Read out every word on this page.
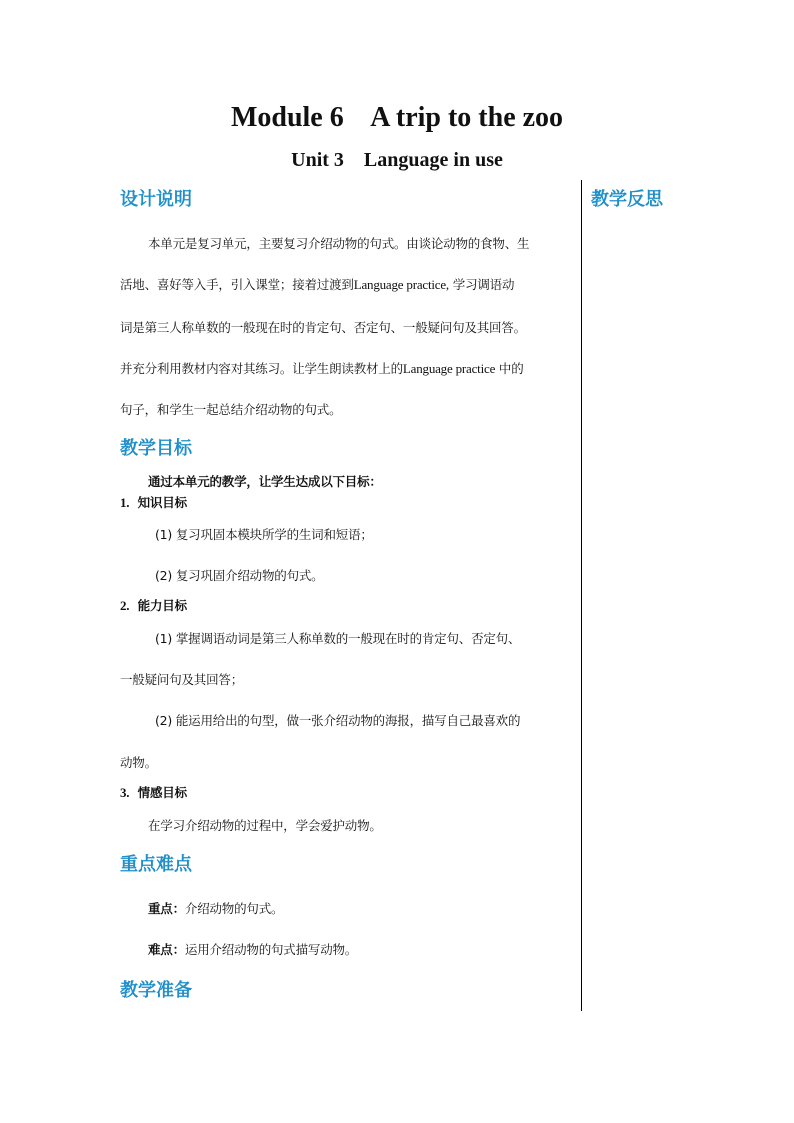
Module 6    A trip to the zoo
Unit 3    Language in use
教学反思
设计说明
本单元是复习单元，主要复习介绍动物的句式。由谈论动物的食物、生
活地、喜好等入手，引入课堂；接着过渡到Language practice, 学习调语动
词是第三人称单数的一般现在时的肯定句、否定句、一般疑问句及其回答。
并充分利用教材内容对其练习。让学生朗读教材上的Language practice 中的
句子，和学生一起总结介绍动物的句式。
教学目标
通过本单元的教学，让学生达成以下目标：
1. 知识目标
(1) 复习巩固本模块所学的生词和短语；
(2) 复习巩固介绍动物的句式。
2. 能力目标
(1) 掌握调语动词是第三人称单数的一般现在时的肯定句、否定句、
一般疑问句及其回答；
(2) 能运用给出的句型，做一张介绍动物的海报，描写自己最喜欢的
动物。
3. 情感目标
在学习介绍动物的过程中，学会爱护动物。
重点难点
重点：介绍动物的句式。
难点：运用介绍动物的句式描写动物。
教学准备
